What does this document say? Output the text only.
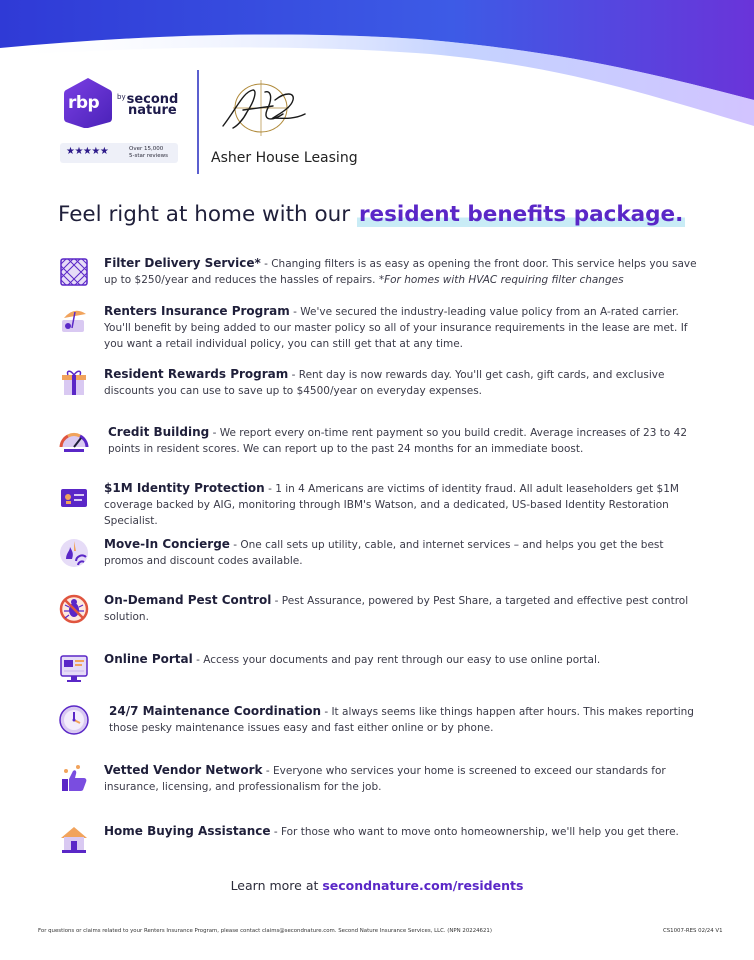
rbp	bysecond
nature
★★★★★	Over 15,000
5-star reviews	Asher House Leasing
Feel right at home with our resident benefits package.
Filter Delivery Service* - Changing filters is as easy as opening the front door. This service helps you save up to $250/year and reduces the hassles of repairs. *For homes with HVAC requiring filter changes
Renters Insurance Program - We've secured the industry-leading value policy from an A-rated carrier. You'll benefit by being added to our master policy so all of your insurance requirements in the lease are met. If you want a retail individual policy, you can still get that at any time.
Resident Rewards Program - Rent day is now rewards day. You'll get cash, gift cards, and exclusive discounts you can use to save up to $4500/year on everyday expenses.
Credit Building - We report every on-time rent payment so you build credit. Average increases of 23 to 42 points in resident scores. We can report up to the past 24 months for an immediate boost.
$1M Identity Protection - 1 in 4 Americans are victims of identity fraud. All adult leaseholders get $1M coverage backed by AIG, monitoring through IBM's Watson, and a dedicated, US-based Identity Restoration Specialist.
Move-In Concierge - One call sets up utility, cable, and internet services – and helps you get the best promos and discount codes available.
On-Demand Pest Control - Pest Assurance, powered by Pest Share, a targeted and effective pest control solution.
Online Portal - Access your documents and pay rent through our easy to use online portal.
24/7 Maintenance Coordination - It always seems like things happen after hours. This makes reporting those pesky maintenance issues easy and fast either online or by phone.
Vetted Vendor Network - Everyone who services your home is screened to exceed our standards for insurance, licensing, and professionalism for the job.
Home Buying Assistance - For those who want to move onto homeownership, we'll help you get there.
Learn more at secondnature.com/residents
For questions or claims related to your Renters Insurance Program, please contact claims@secondnature.com. Second Nature Insurance Services, LLC. (NPN 20224621)	CS1007-RES 02/24 V1
